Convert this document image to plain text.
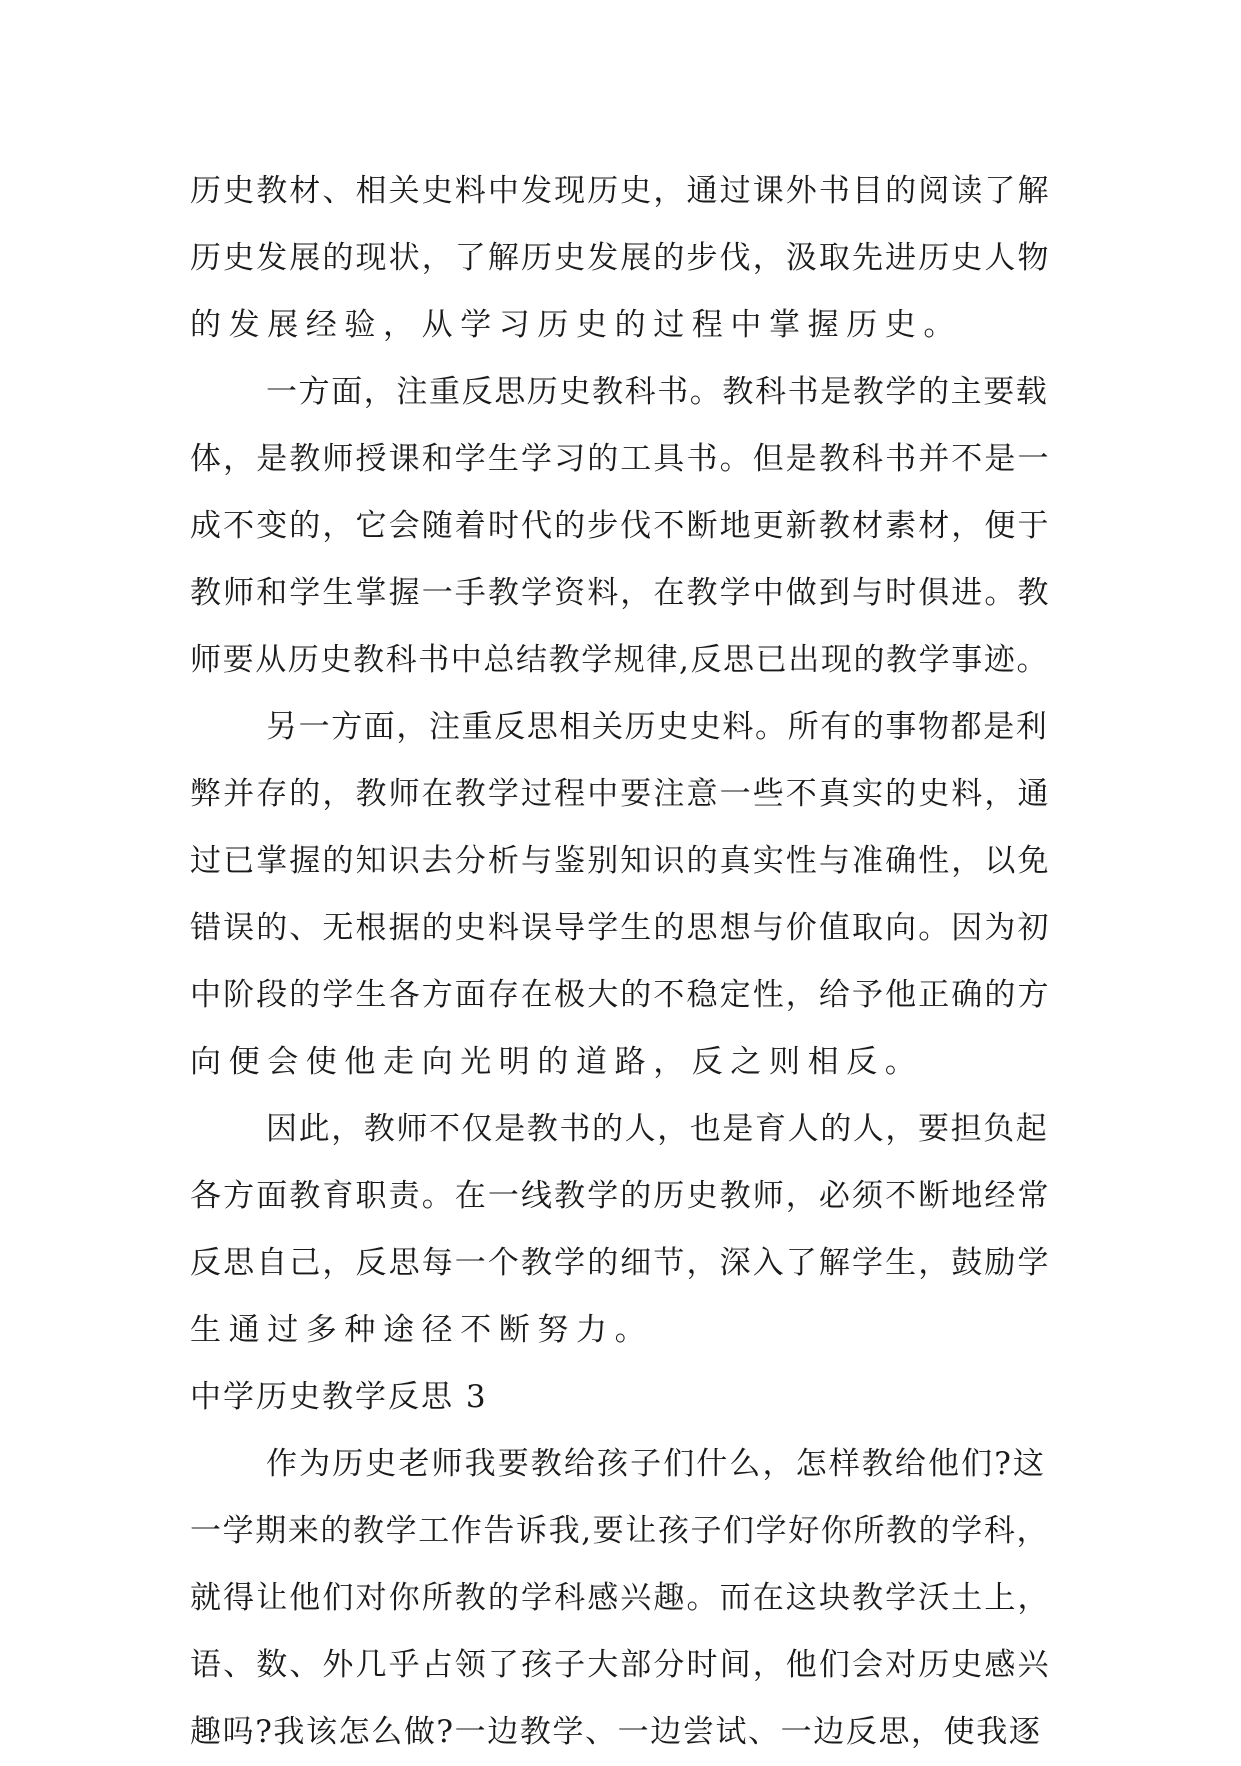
历史教材、相关史料中发现历史，通过课外书目的阅读了解
历史发展的现状，了解历史发展的步伐，汲取先进历史人物
的发展经验，从学习历史的过程中掌握历史。
一方面，注重反思历史教科书。教科书是教学的主要载
体，是教师授课和学生学习的工具书。但是教科书并不是一
成不变的，它会随着时代的步伐不断地更新教材素材，便于
教师和学生掌握一手教学资料，在教学中做到与时俱进。教
师要从历史教科书中总结教学规律,反思已出现的教学事迹。
另一方面，注重反思相关历史史料。所有的事物都是利
弊并存的，教师在教学过程中要注意一些不真实的史料，通
过已掌握的知识去分析与鉴别知识的真实性与准确性，以免
错误的、无根据的史料误导学生的思想与价值取向。因为初
中阶段的学生各方面存在极大的不稳定性，给予他正确的方
向便会使他走向光明的道路，反之则相反。
因此，教师不仅是教书的人，也是育人的人，要担负起
各方面教育职责。在一线教学的历史教师，必须不断地经常
反思自己，反思每一个教学的细节，深入了解学生，鼓励学
生通过多种途径不断努力。
中学历史教学反思 3
作为历史老师我要教给孩子们什么，怎样教给他们?这
一学期来的教学工作告诉我,要让孩子们学好你所教的学科，
就得让他们对你所教的学科感兴趣。而在这块教学沃土上，
语、数、外几乎占领了孩子大部分时间，他们会对历史感兴
趣吗?我该怎么做?一边教学、一边尝试、一边反思，使我逐
